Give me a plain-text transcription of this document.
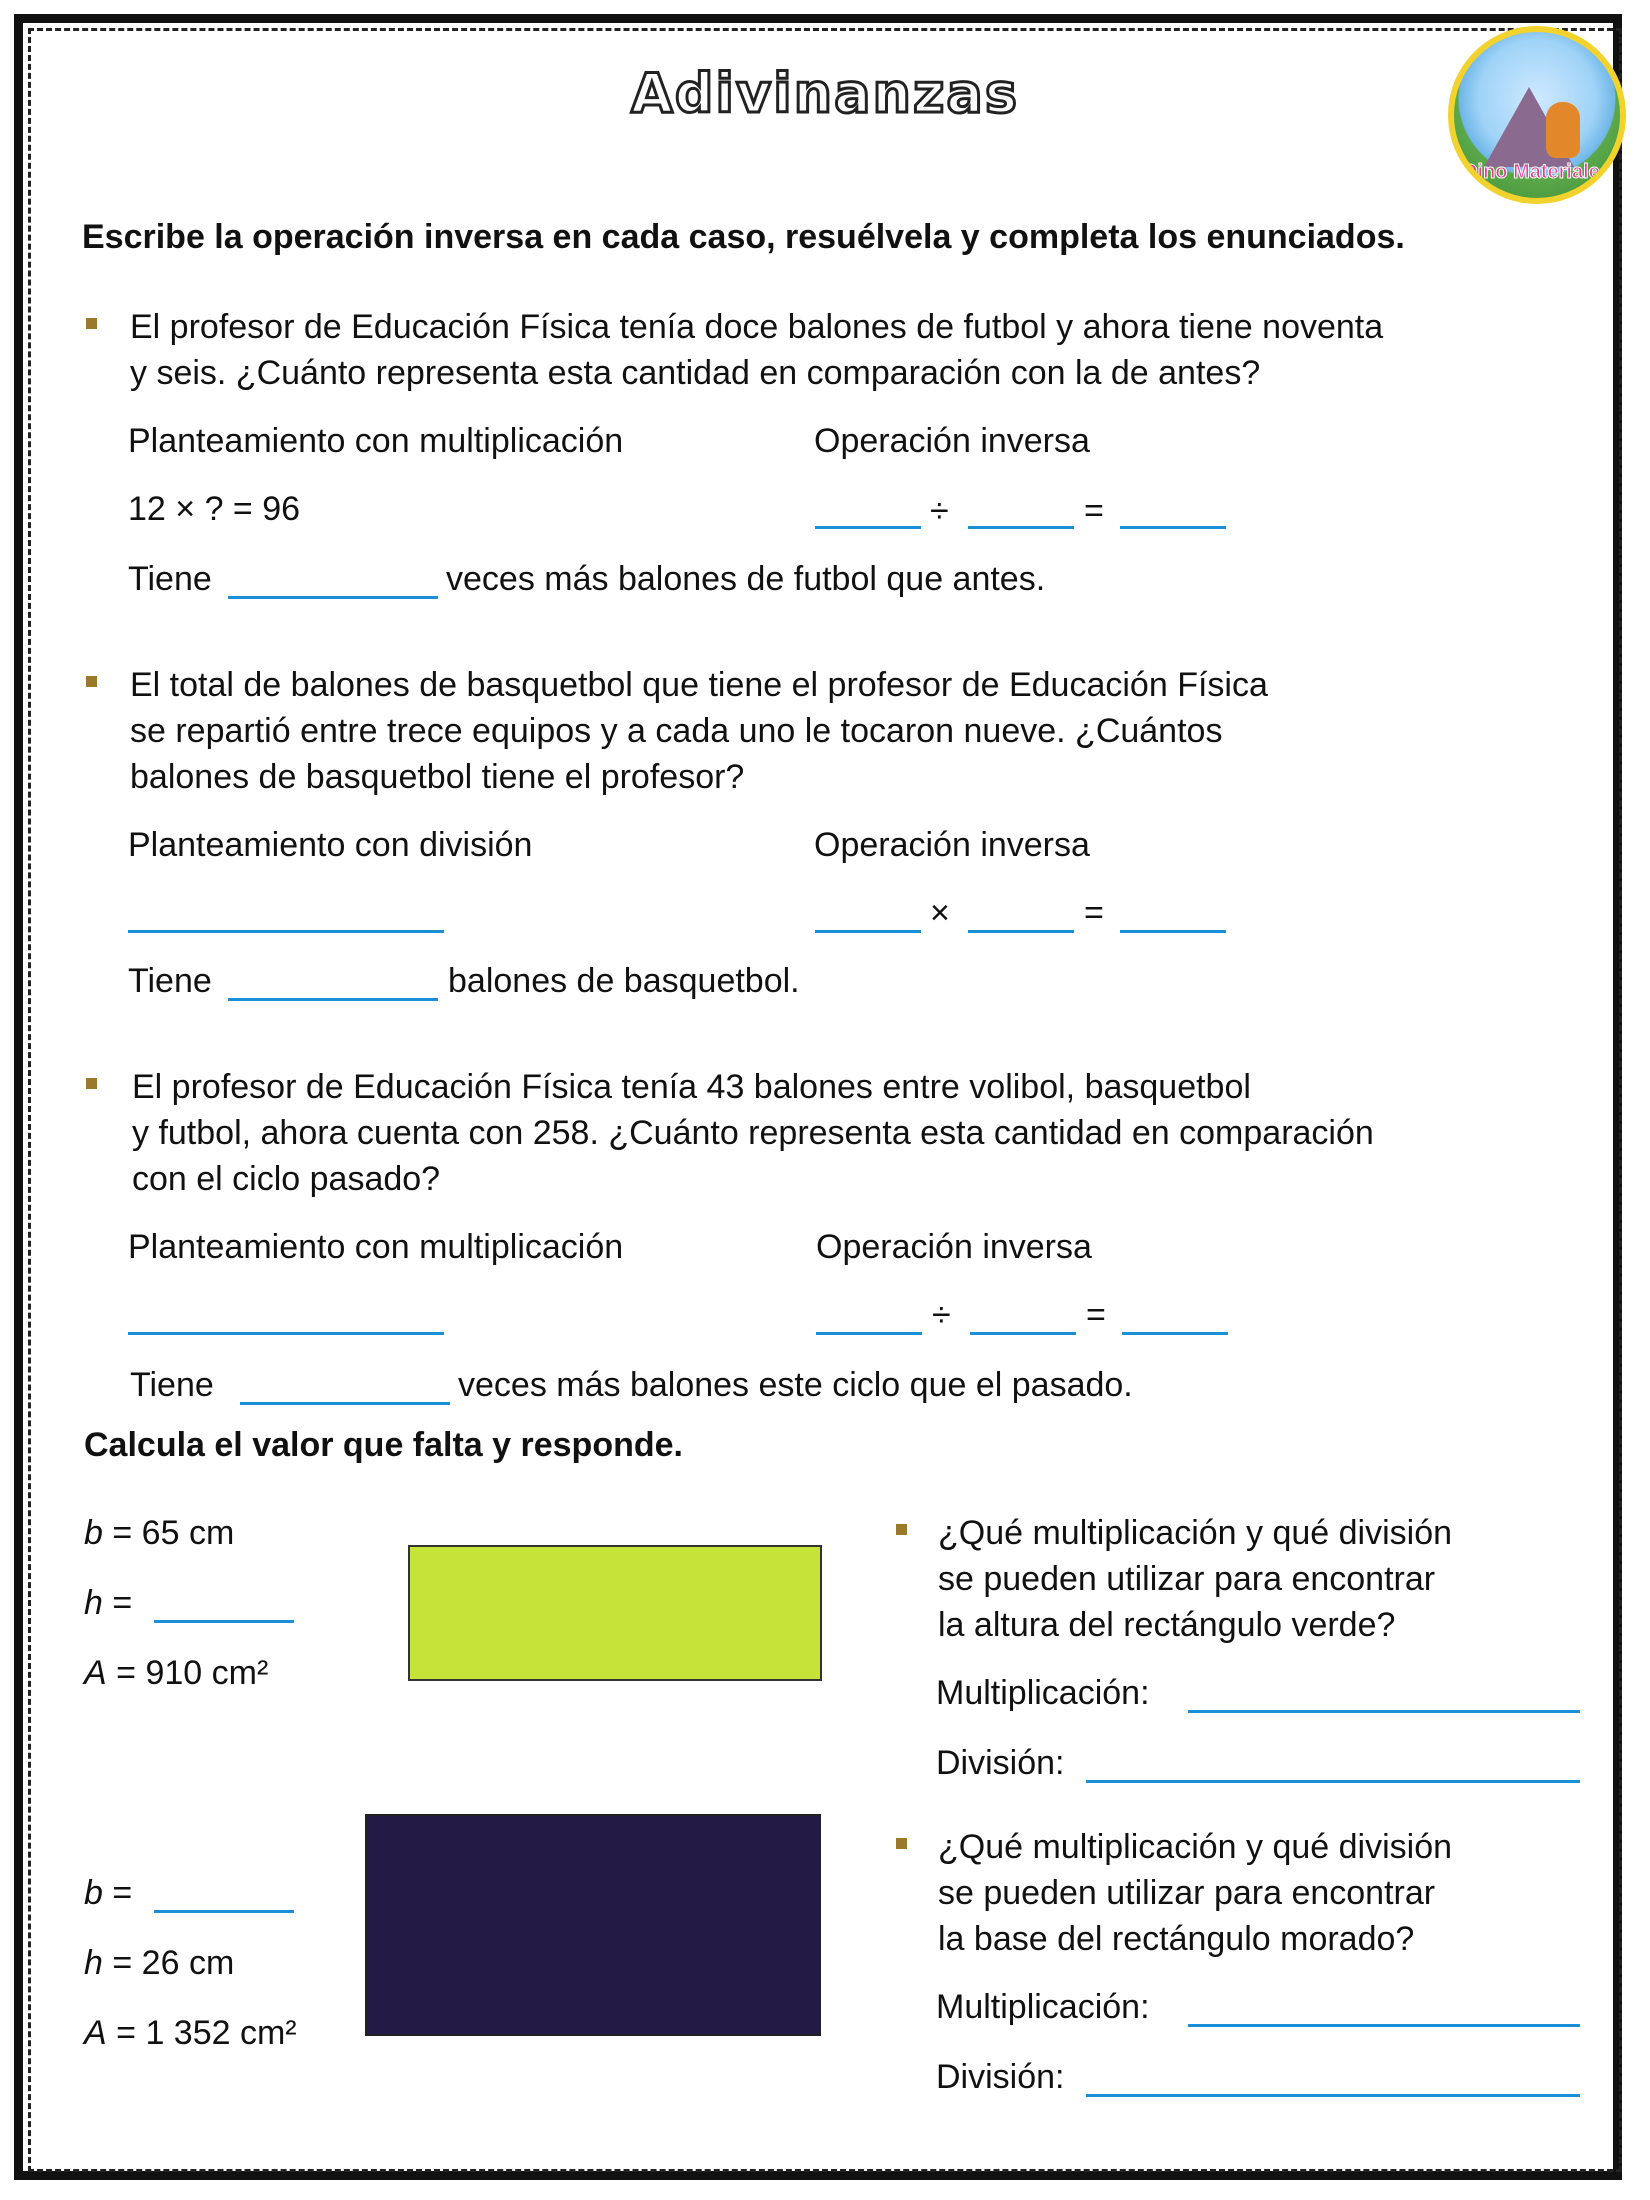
Adivinanzas
Dino Materiales
Escribe la operación inversa en cada caso, resuélvela y completa los enunciados.
El profesor de Educación Física tenía doce balones de futbol y ahora tiene noventa
y seis. ¿Cuánto representa esta cantidad en comparación con la de antes?
Planteamiento con multiplicación	Operación inversa
12 × ? = 96	÷	=
Tiene	veces más balones de futbol que antes.
El total de balones de basquetbol que tiene el profesor de Educación Física
se repartió entre trece equipos y a cada uno le tocaron nueve. ¿Cuántos
balones de basquetbol tiene el profesor?
Planteamiento con división	Operación inversa
×	=
Tiene	balones de basquetbol.
El profesor de Educación Física tenía 43 balones entre volibol, basquetbol
y futbol, ahora cuenta con 258. ¿Cuánto representa esta cantidad en comparación
con el ciclo pasado?
Planteamiento con multiplicación	Operación inversa
÷	=
Tiene	veces más balones este ciclo que el pasado.
Calcula el valor que falta y responde.
b = 65 cm
h =
A = 910 cm²
¿Qué multiplicación y qué división
se pueden utilizar para encontrar
la altura del rectángulo verde?
Multiplicación:
División:
b =
h = 26 cm
A = 1 352 cm²
¿Qué multiplicación y qué división
se pueden utilizar para encontrar
la base del rectángulo morado?
Multiplicación:
División:
